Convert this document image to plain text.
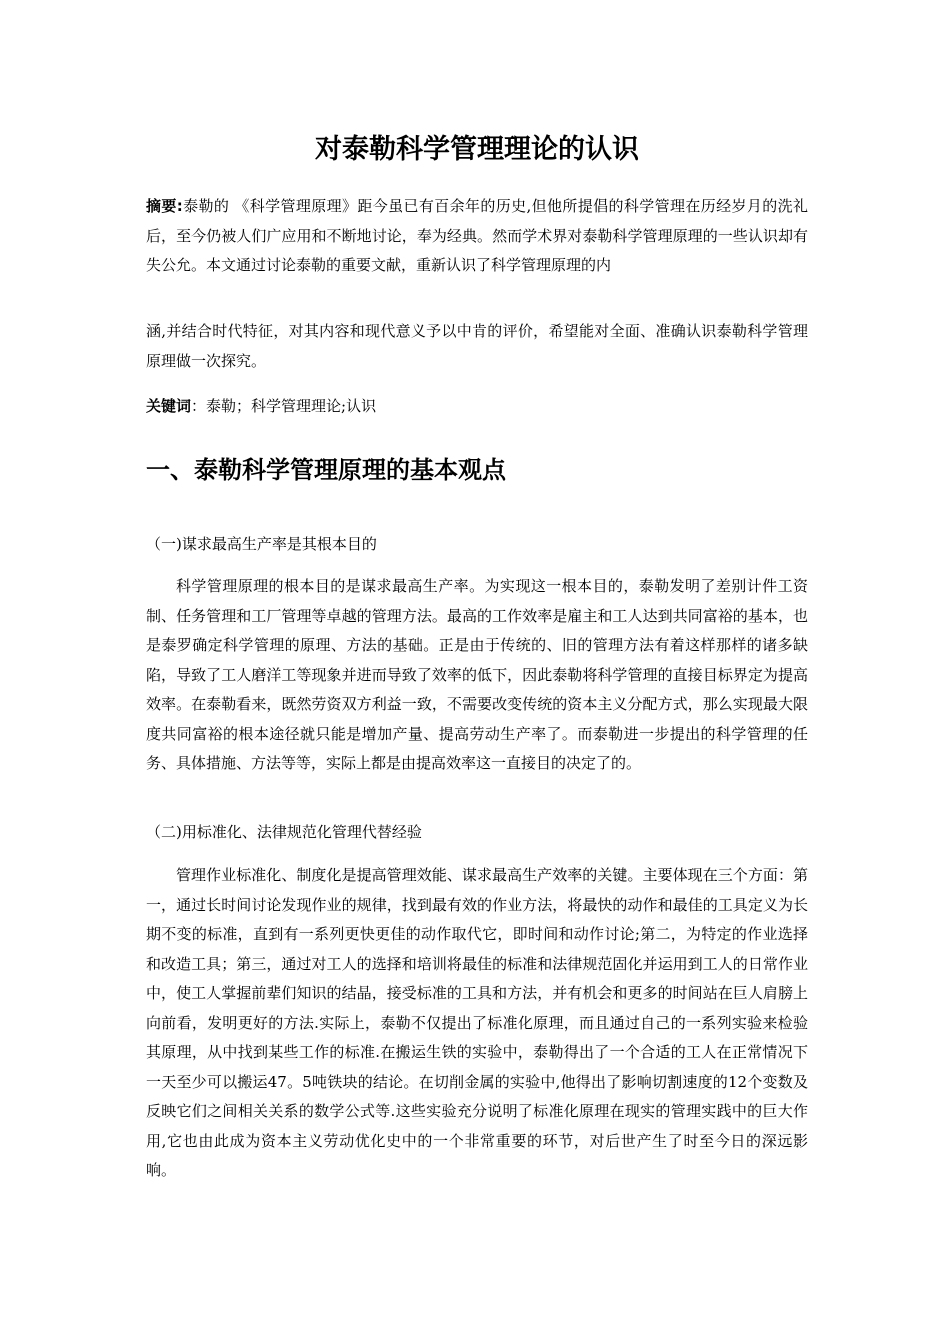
对泰勒科学管理理论的认识

摘要:泰勒的 《科学管理原理》距今虽已有百余年的历史,但他所提倡的科学管理在历经岁月的洗礼后，至今仍被人们广应用和不断地讨论，奉为经典。然而学术界对泰勒科学管理原理的一些认识却有失公允。本文通过讨论泰勒的重要文献，重新认识了科学管理原理的内

涵,并结合时代特征，对其内容和现代意义予以中肯的评价，希望能对全面、准确认识泰勒科学管理原理做一次探究。

关键词：泰勒；科学管理理论;认识

一、泰勒科学管理原理的基本观点

（一)谋求最高生产率是其根本目的

科学管理原理的根本目的是谋求最高生产率。为实现这一根本目的，泰勒发明了差别计件工资制、任务管理和工厂管理等卓越的管理方法。最高的工作效率是雇主和工人达到共同富裕的基本，也是泰罗确定科学管理的原理、方法的基础。正是由于传统的、旧的管理方法有着这样那样的诸多缺陷，导致了工人磨洋工等现象并进而导致了效率的低下，因此泰勒将科学管理的直接目标界定为提高效率。在泰勒看来，既然劳资双方利益一致，不需要改变传统的资本主义分配方式，那么实现最大限度共同富裕的根本途径就只能是增加产量、提高劳动生产率了。而泰勒进一步提出的科学管理的任务、具体措施、方法等等，实际上都是由提高效率这一直接目的决定了的。

（二)用标准化、法律规范化管理代替经验

管理作业标准化、制度化是提高管理效能、谋求最高生产效率的关键。主要体现在三个方面：第一，通过长时间讨论发现作业的规律，找到最有效的作业方法，将最快的动作和最佳的工具定义为长期不变的标准，直到有一系列更快更佳的动作取代它，即时间和动作讨论;第二，为特定的作业选择和改造工具；第三，通过对工人的选择和培训将最佳的标准和法律规范固化并运用到工人的日常作业中，使工人掌握前辈们知识的结晶，接受标准的工具和方法，并有机会和更多的时间站在巨人肩膀上向前看，发明更好的方法.实际上，泰勒不仅提出了标准化原理，而且通过自己的一系列实验来检验其原理，从中找到某些工作的标准.在搬运生铁的实验中，泰勒得出了一个合适的工人在正常情况下一天至少可以搬运47。5吨铁块的结论。在切削金属的实验中,他得出了影响切割速度的12个变数及反映它们之间相关关系的数学公式等.这些实验充分说明了标准化原理在现实的管理实践中的巨大作用,它也由此成为资本主义劳动优化史中的一个非常重要的环节，对后世产生了时至今日的深远影响。
